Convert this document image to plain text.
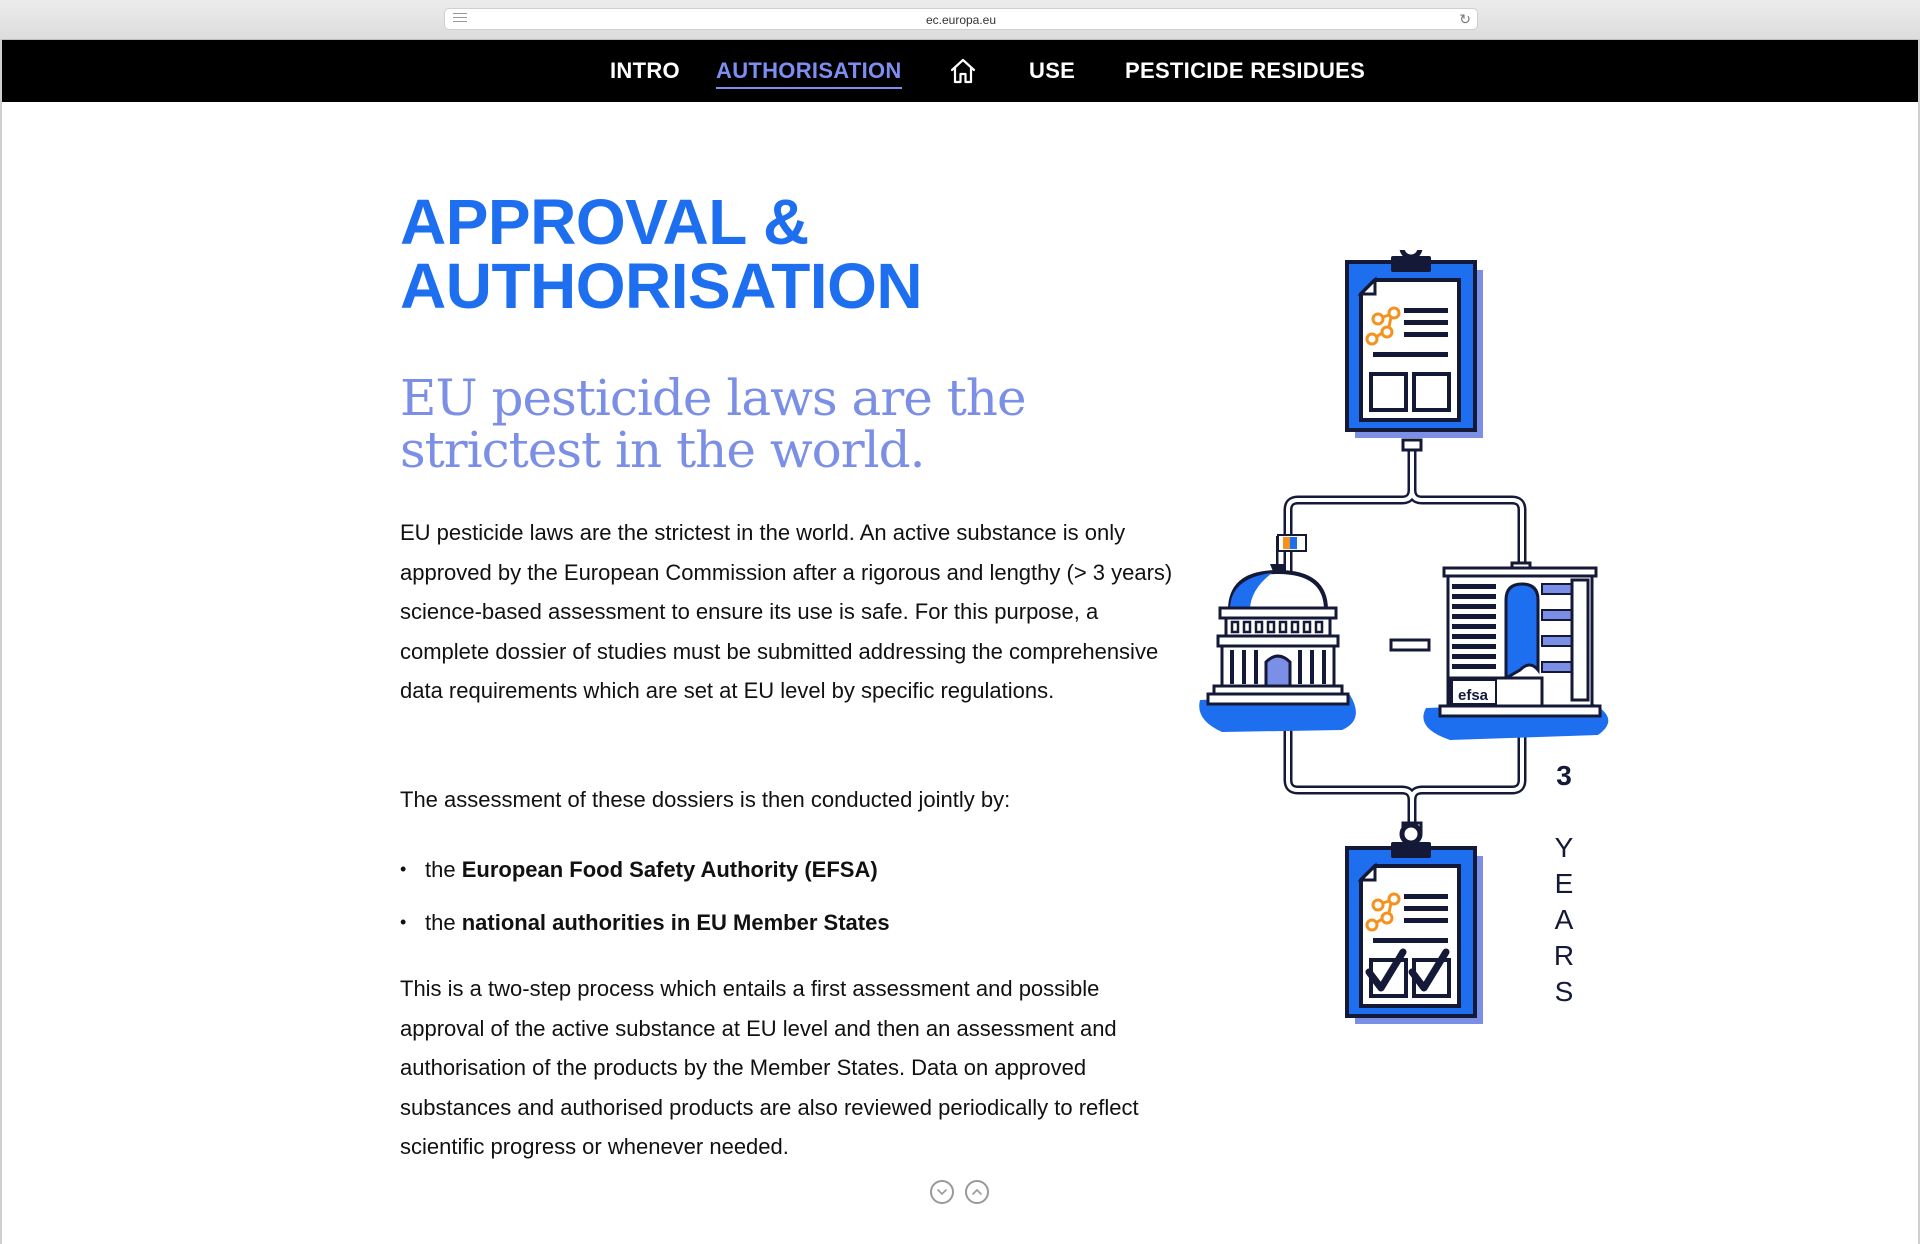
ec.europa.eu	↻
INTRO AUTHORISATION	USE PESTICIDE RESIDUES
APPROVAL &
AUTHORISATION
EU pesticide laws are the
strictest in the world.

EU pesticide laws are the strictest in the world. An active substance is only approved by the European Commission after a rigorous and lengthy (> 3 years) science-based assessment to ensure its use is safe. For this purpose, a complete dossier of studies must be submitted addressing the comprehensive data requirements which are set at EU level by specific regulations.

The assessment of these dossiers is then conducted jointly by:

• the European Food Safety Authority (EFSA)
• the national authorities in EU Member States

This is a two-step process which entails a first assessment and possible approval of the active substance at EU level and then an assessment and authorisation of the products by the Member States. Data on approved substances and authorised products are also reviewed periodically to reflect scientific progress or whenever needed.

efsa
3
Y
E
A
R
S
